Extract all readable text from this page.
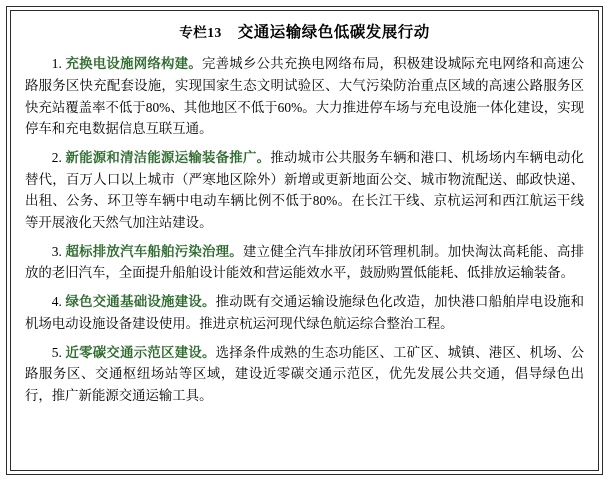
专栏13 交通运输绿色低碳发展行动

1. 充换电设施网络构建。完善城乡公共充换电网络布局，积极建设城际充电网络和高速公路服务区快充配套设施，实现国家生态文明试验区、大气污染防治重点区域的高速公路服务区快充站覆盖率不低于80%、其他地区不低于60%。大力推进停车场与充电设施一体化建设，实现停车和充电数据信息互联互通。

2. 新能源和清洁能源运输装备推广。推动城市公共服务车辆和港口、机场场内车辆电动化替代，百万人口以上城市（严寒地区除外）新增或更新地面公交、城市物流配送、邮政快递、出租、公务、环卫等车辆中电动车辆比例不低于80%。在长江干线、京杭运河和西江航运干线等开展液化天然气加注站建设。

3. 超标排放汽车船舶污染治理。建立健全汽车排放闭环管理机制。加快淘汰高耗能、高排放的老旧汽车，全面提升船舶设计能效和营运能效水平，鼓励购置低能耗、低排放运输装备。

4. 绿色交通基础设施建设。推动既有交通运输设施绿色化改造，加快港口船舶岸电设施和机场电动设施设备建设使用。推进京杭运河现代绿色航运综合整治工程。

5. 近零碳交通示范区建设。选择条件成熟的生态功能区、工矿区、城镇、港区、机场、公路服务区、交通枢纽场站等区域，建设近零碳交通示范区，优先发展公共交通，倡导绿色出行，推广新能源交通运输工具。
